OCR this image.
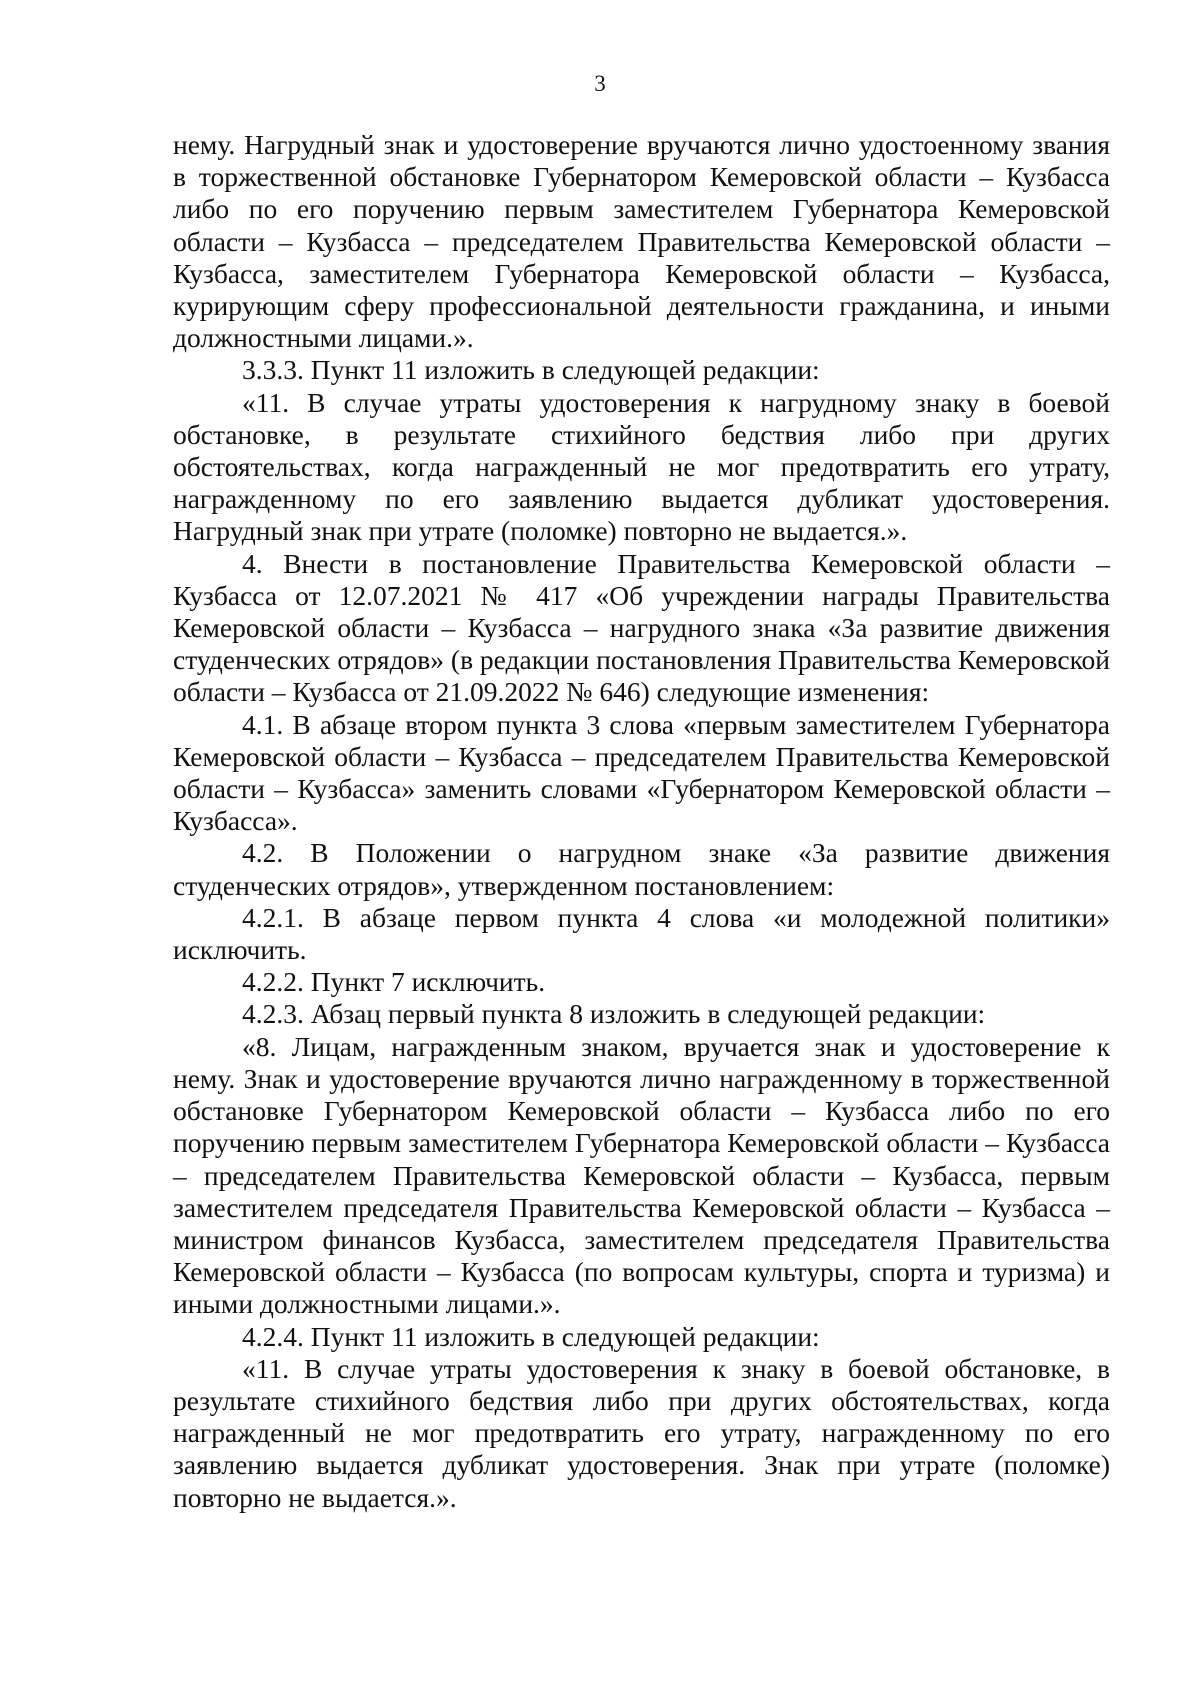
3

нему. Нагрудный знак и удостоверение вручаются лично удостоенному звания в торжественной обстановке Губернатором Кемеровской области – Кузбасса либо по его поручению первым заместителем Губернатора Кемеровской области – Кузбасса – председателем Правительства Кемеровской области – Кузбасса, заместителем Губернатора Кемеровской области – Кузбасса, курирующим сферу профессиональной деятельности гражданина, и иными должностными лицами.».

3.3.3. Пункт 11 изложить в следующей редакции:

«11. В случае утраты удостоверения к нагрудному знаку в боевой обстановке, в результате стихийного бедствия либо при других обстоятельствах, когда награжденный не мог предотвратить его утрату, награжденному по его заявлению выдается дубликат удостоверения. Нагрудный знак при утрате (поломке) повторно не выдается.».

4. Внести в постановление Правительства Кемеровской области – Кузбасса от 12.07.2021 № 417 «Об учреждении награды Правительства Кемеровской области – Кузбасса – нагрудного знака «За развитие движения студенческих отрядов» (в редакции постановления Правительства Кемеровской области – Кузбасса от 21.09.2022 № 646) следующие изменения:

4.1. В абзаце втором пункта 3 слова «первым заместителем Губернатора Кемеровской области – Кузбасса – председателем Правительства Кемеровской области – Кузбасса» заменить словами «Губернатором Кемеровской области – Кузбасса».

4.2. В Положении о нагрудном знаке «За развитие движения студенческих отрядов», утвержденном постановлением:

4.2.1. В абзаце первом пункта 4 слова «и молодежной политики» исключить.

4.2.2. Пункт 7 исключить.

4.2.3. Абзац первый пункта 8 изложить в следующей редакции:

«8. Лицам, награжденным знаком, вручается знак и удостоверение к нему. Знак и удостоверение вручаются лично награжденному в торжественной обстановке Губернатором Кемеровской области – Кузбасса либо по его поручению первым заместителем Губернатора Кемеровской области – Кузбасса – председателем Правительства Кемеровской области – Кузбасса, первым заместителем председателя Правительства Кемеровской области – Кузбасса – министром финансов Кузбасса, заместителем председателя Правительства Кемеровской области – Кузбасса (по вопросам культуры, спорта и туризма) и иными должностными лицами.».

4.2.4. Пункт 11 изложить в следующей редакции:

«11. В случае утраты удостоверения к знаку в боевой обстановке, в результате стихийного бедствия либо при других обстоятельствах, когда награжденный не мог предотвратить его утрату, награжденному по его заявлению выдается дубликат удостоверения. Знак при утрате (поломке) повторно не выдается.».
